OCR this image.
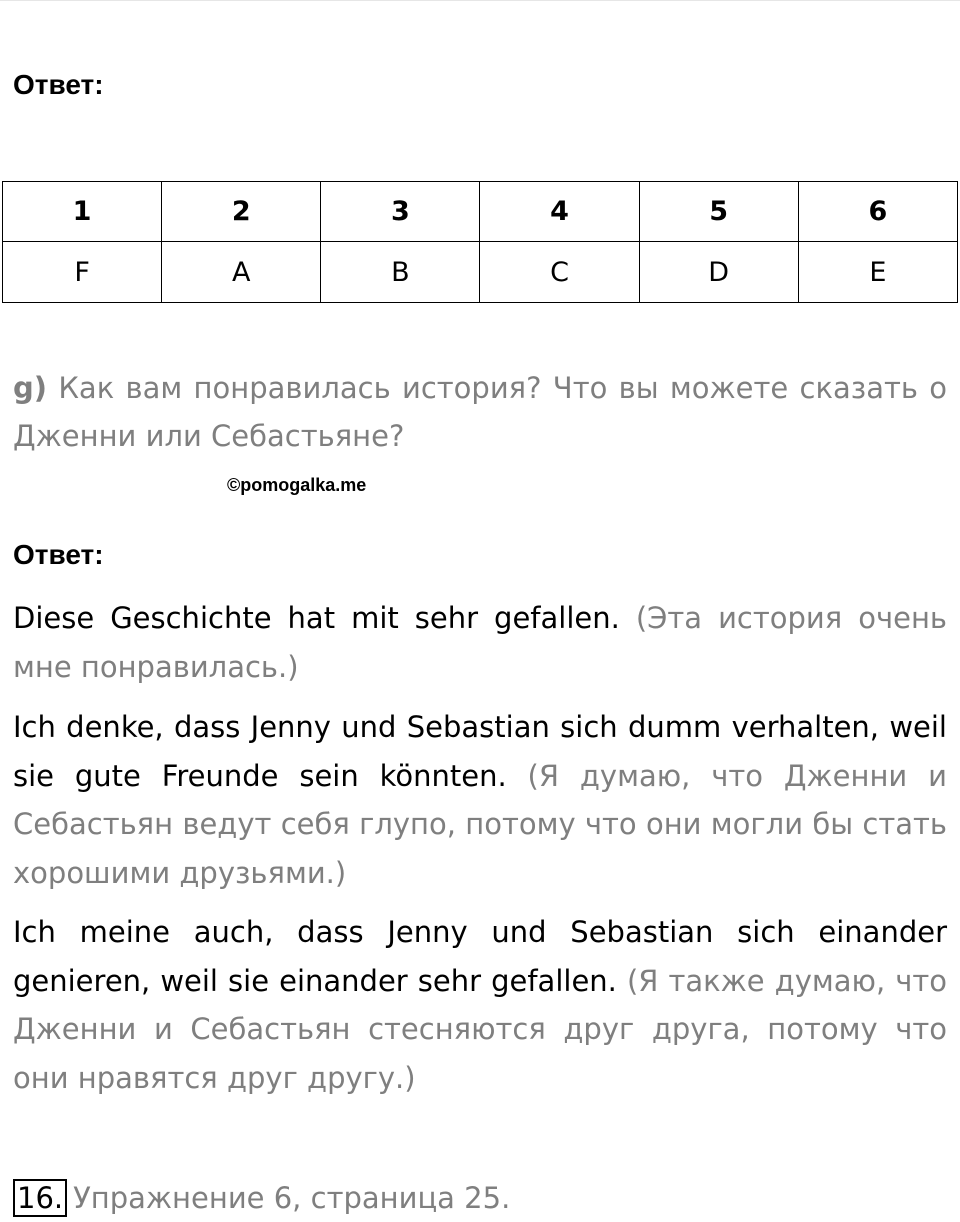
Ответ:
1	2	3	4	5	6
F	A	B	C	D	E
g) Как вам понравилась история? Что вы можете сказать о Дженни или Себастьяне?
©pomogalka.me
Ответ:
Diese Geschichte hat mit sehr gefallen. (Эта история очень мне понравилась.)
Ich denke, dass Jenny und Sebastian sich dumm verhalten, weil sie gute Freunde sein könnten. (Я думаю, что Дженни и Себастьян ведут себя глупо, потому что они могли бы стать хорошими друзьями.)
Ich meine auch, dass Jenny und Sebastian sich einander genieren, weil sie einander sehr gefallen. (Я также думаю, что Дженни и Себастьян стесняются друг друга, потому что они нравятся друг другу.)
16. Упражнение 6, страница 25.
